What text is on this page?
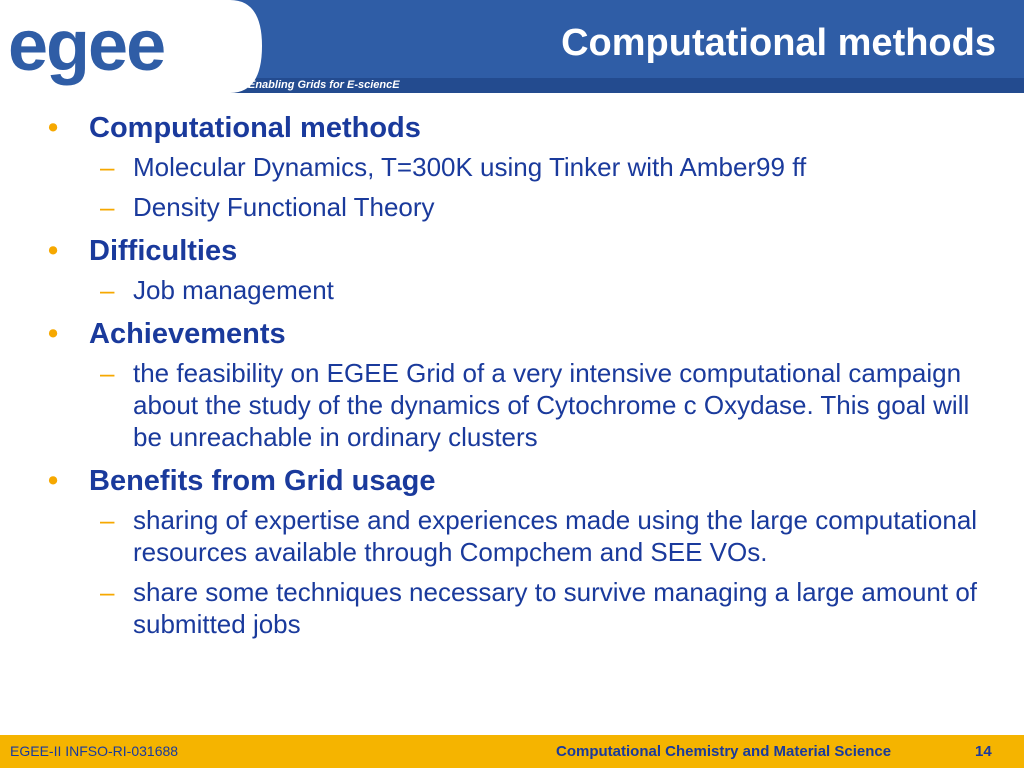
egee	Enabling Grids for E-sciencE
Computational methods
• Computational methods
– Molecular Dynamics, T=300K using Tinker with Amber99 ff
– Density Functional Theory
• Difficulties
– Job management
• Achievements
– the feasibility on EGEE Grid of a very intensive computational campaign about the study of the dynamics of Cytochrome c Oxydase. This goal will be unreachable in ordinary clusters
• Benefits from Grid usage
– sharing of expertise and experiences made using the large computational resources available through Compchem and SEE VOs.
– share some techniques necessary to survive managing a large amount of submitted jobs
EGEE-II INFSO-RI-031688	Computational Chemistry and Material Science	14
